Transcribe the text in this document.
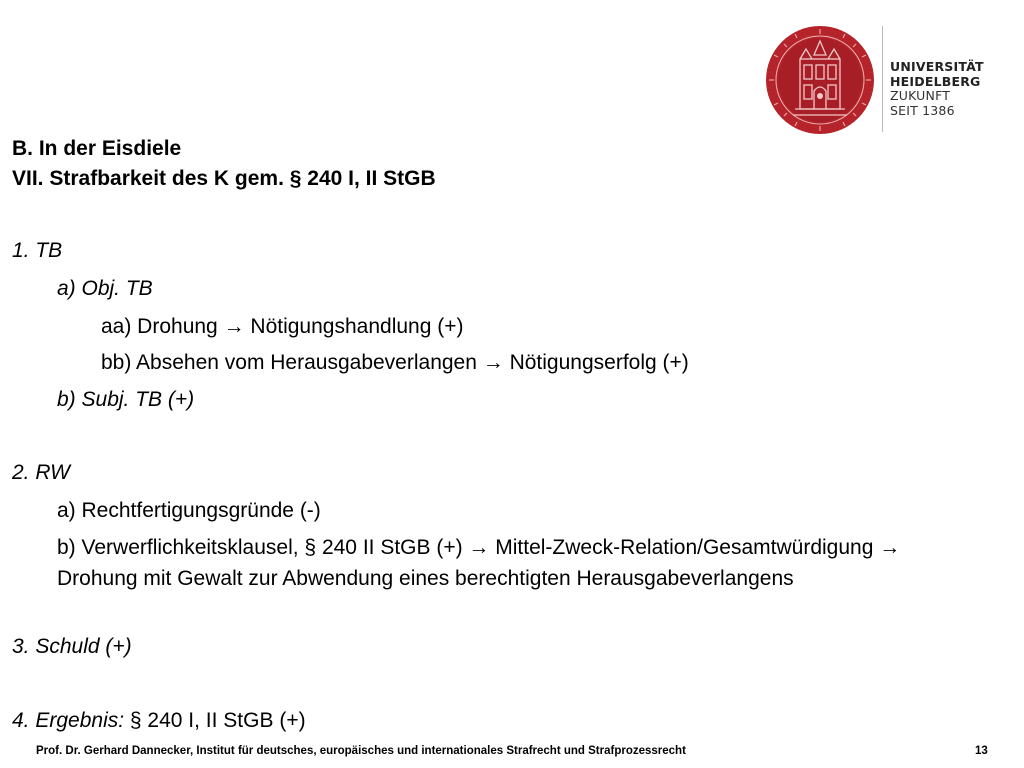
UNIVERSITÄT
HEIDELBERG
ZUKUNFT
SEIT 1386
B. In der Eisdiele
VII. Strafbarkeit des K gem. § 240 I, II StGB
1. TB
a) Obj. TB
aa) Drohung → Nötigungshandlung (+)
bb) Absehen vom Herausgabeverlangen → Nötigungserfolg (+)
b) Subj. TB (+)
2. RW
a) Rechtfertigungsgründe (-)
b) Verwerflichkeitsklausel, § 240 II StGB (+) → Mittel-Zweck-Relation/Gesamtwürdigung → Drohung mit Gewalt zur Abwendung eines berechtigten Herausgabeverlangens
3. Schuld (+)
4. Ergebnis: § 240 I, II StGB (+)
Prof. Dr. Gerhard Dannecker, Institut für deutsches, europäisches und internationales Strafrecht und Strafprozessrecht	13
